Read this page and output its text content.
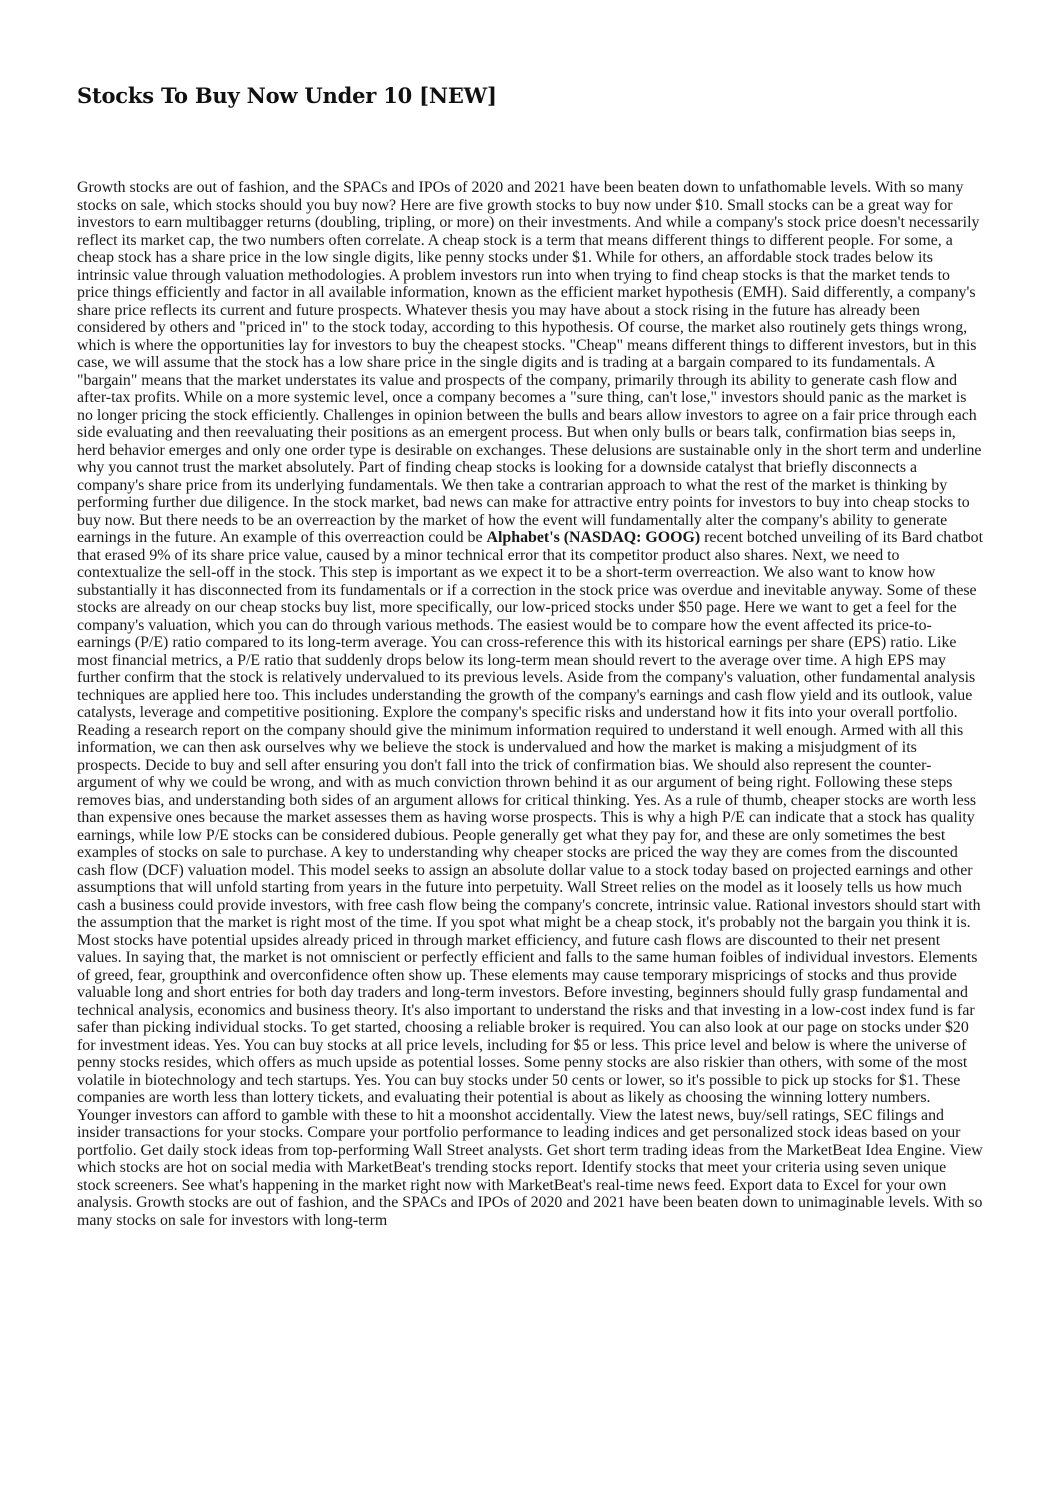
Stocks To Buy Now Under 10 [NEW]

Growth stocks are out of fashion, and the SPACs and IPOs of 2020 and 2021 have been beaten down to unfathomable levels. With so many stocks on sale, which stocks should you buy now? Here are five growth stocks to buy now under $10. Small stocks can be a great way for investors to earn multibagger returns (doubling, tripling, or more) on their investments. And while a company's stock price doesn't necessarily reflect its market cap, the two numbers often correlate. A cheap stock is a term that means different things to different people. For some, a cheap stock has a share price in the low single digits, like penny stocks under $1. While for others, an affordable stock trades below its intrinsic value through valuation methodologies. A problem investors run into when trying to find cheap stocks is that the market tends to price things efficiently and factor in all available information, known as the efficient market hypothesis (EMH). Said differently, a company's share price reflects its current and future prospects. Whatever thesis you may have about a stock rising in the future has already been considered by others and "priced in" to the stock today, according to this hypothesis. Of course, the market also routinely gets things wrong, which is where the opportunities lay for investors to buy the cheapest stocks. "Cheap" means different things to different investors, but in this case, we will assume that the stock has a low share price in the single digits and is trading at a bargain compared to its fundamentals. A "bargain" means that the market understates its value and prospects of the company, primarily through its ability to generate cash flow and after-tax profits. While on a more systemic level, once a company becomes a "sure thing, can't lose," investors should panic as the market is no longer pricing the stock efficiently. Challenges in opinion between the bulls and bears allow investors to agree on a fair price through each side evaluating and then reevaluating their positions as an emergent process. But when only bulls or bears talk, confirmation bias seeps in, herd behavior emerges and only one order type is desirable on exchanges. These delusions are sustainable only in the short term and underline why you cannot trust the market absolutely. Part of finding cheap stocks is looking for a downside catalyst that briefly disconnects a company's share price from its underlying fundamentals. We then take a contrarian approach to what the rest of the market is thinking by performing further due diligence. In the stock market, bad news can make for attractive entry points for investors to buy into cheap stocks to buy now. But there needs to be an overreaction by the market of how the event will fundamentally alter the company's ability to generate earnings in the future. An example of this overreaction could be Alphabet's (NASDAQ: GOOG) recent botched unveiling of its Bard chatbot that erased 9% of its share price value, caused by a minor technical error that its competitor product also shares. Next, we need to contextualize the sell-off in the stock. This step is important as we expect it to be a short-term overreaction. We also want to know how substantially it has disconnected from its fundamentals or if a correction in the stock price was overdue and inevitable anyway. Some of these stocks are already on our cheap stocks buy list, more specifically, our low-priced stocks under $50 page. Here we want to get a feel for the company's valuation, which you can do through various methods. The easiest would be to compare how the event affected its price-to-earnings (P/E) ratio compared to its long-term average. You can cross-reference this with its historical earnings per share (EPS) ratio. Like most financial metrics, a P/E ratio that suddenly drops below its long-term mean should revert to the average over time. A high EPS may further confirm that the stock is relatively undervalued to its previous levels. Aside from the company's valuation, other fundamental analysis techniques are applied here too. This includes understanding the growth of the company's earnings and cash flow yield and its outlook, value catalysts, leverage and competitive positioning. Explore the company's specific risks and understand how it fits into your overall portfolio. Reading a research report on the company should give the minimum information required to understand it well enough. Armed with all this information, we can then ask ourselves why we believe the stock is undervalued and how the market is making a misjudgment of its prospects. Decide to buy and sell after ensuring you don't fall into the trick of confirmation bias. We should also represent the counter-argument of why we could be wrong, and with as much conviction thrown behind it as our argument of being right. Following these steps removes bias, and understanding both sides of an argument allows for critical thinking. Yes. As a rule of thumb, cheaper stocks are worth less than expensive ones because the market assesses them as having worse prospects. This is why a high P/E can indicate that a stock has quality earnings, while low P/E stocks can be considered dubious. People generally get what they pay for, and these are only sometimes the best examples of stocks on sale to purchase. A key to understanding why cheaper stocks are priced the way they are comes from the discounted cash flow (DCF) valuation model. This model seeks to assign an absolute dollar value to a stock today based on projected earnings and other assumptions that will unfold starting from years in the future into perpetuity. Wall Street relies on the model as it loosely tells us how much cash a business could provide investors, with free cash flow being the company's concrete, intrinsic value. Rational investors should start with the assumption that the market is right most of the time. If you spot what might be a cheap stock, it's probably not the bargain you think it is. Most stocks have potential upsides already priced in through market efficiency, and future cash flows are discounted to their net present values. In saying that, the market is not omniscient or perfectly efficient and falls to the same human foibles of individual investors. Elements of greed, fear, groupthink and overconfidence often show up. These elements may cause temporary mispricings of stocks and thus provide valuable long and short entries for both day traders and long-term investors. Before investing, beginners should fully grasp fundamental and technical analysis, economics and business theory. It's also important to understand the risks and that investing in a low-cost index fund is far safer than picking individual stocks. To get started, choosing a reliable broker is required. You can also look at our page on stocks under $20 for investment ideas. Yes. You can buy stocks at all price levels, including for $5 or less. This price level and below is where the universe of penny stocks resides, which offers as much upside as potential losses. Some penny stocks are also riskier than others, with some of the most volatile in biotechnology and tech startups. Yes. You can buy stocks under 50 cents or lower, so it's possible to pick up stocks for $1. These companies are worth less than lottery tickets, and evaluating their potential is about as likely as choosing the winning lottery numbers. Younger investors can afford to gamble with these to hit a moonshot accidentally. View the latest news, buy/sell ratings, SEC filings and insider transactions for your stocks. Compare your portfolio performance to leading indices and get personalized stock ideas based on your portfolio. Get daily stock ideas from top-performing Wall Street analysts. Get short term trading ideas from the MarketBeat Idea Engine. View which stocks are hot on social media with MarketBeat's trending stocks report. Identify stocks that meet your criteria using seven unique stock screeners. See what's happening in the market right now with MarketBeat's real-time news feed. Export data to Excel for your own analysis. Growth stocks are out of fashion, and the SPACs and IPOs of 2020 and 2021 have been beaten down to unimaginable levels. With so many stocks on sale for investors with long-term
